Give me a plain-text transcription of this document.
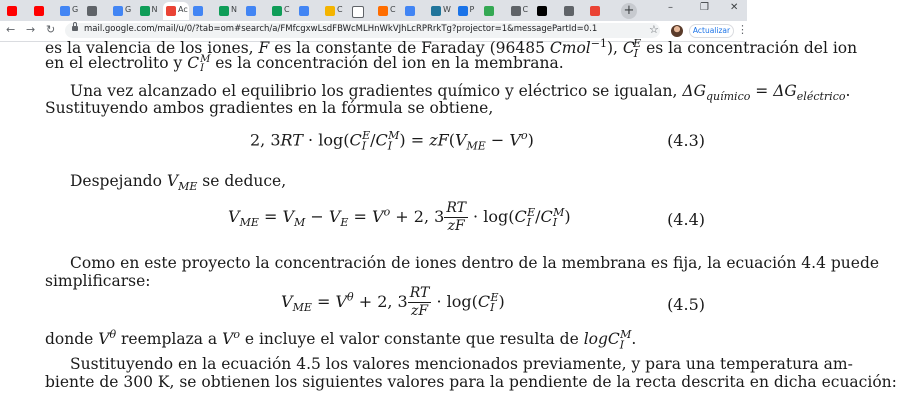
+	–	❐ ✕
G	G	N	Ac	N	C	C	C	W P	C
← → ↻	mail.google.com/mail/u/0/?tab=om#search/a/FMfcgxwLsdFBWcMLHnWkVJhLcRPRrkTg?projector=1&messagePartId=0.1	☆	Actualizar ⋮
es la valencia de los iones, F es la constante de Faraday (96485 Cmol$^{-1}$), $C_I^E$ es la concentración del ion
en el electrolito y C M
I es la concentración del ion en la membrana.
Una vez alcanzado el equilibrio los gradientes químico y eléctrico se igualan, $\Delta G_{químico} = \Delta G_{eléctrico}$.
Sustituyendo ambos gradientes en la fórmula se obtiene,
2, $3RT \cdot \log(C_I^E/C_I^M) = zF(V_{ME} - V^o)$	(4.3)
Despejando $V_{ME}$ se deduce,
$V_{ME} = V_M - V_E = V^o + 2$, $3 \frac{RT}{zF} \cdot \log(C_I^E/C_I^M)$	(4.4)
Como en este proyecto la concentración de iones dentro de la membrana es fija, la ecuación 4.4 puede
simplificarse:
$V_{ME} = V^\theta + 2$, $3 \frac{RT}{zF} \cdot \log(C_I^E)$	(4.5)
donde $V^\theta$ reemplaza a $V^o$ e incluye el valor constante que resulta de logC$_I^M$.
Sustituyendo en la ecuación 4.5 los valores mencionados previamente, y para una temperatura am-
biente de 300 K, se obtienen los siguientes valores para la pendiente de la recta descrita en dicha ecuación:
